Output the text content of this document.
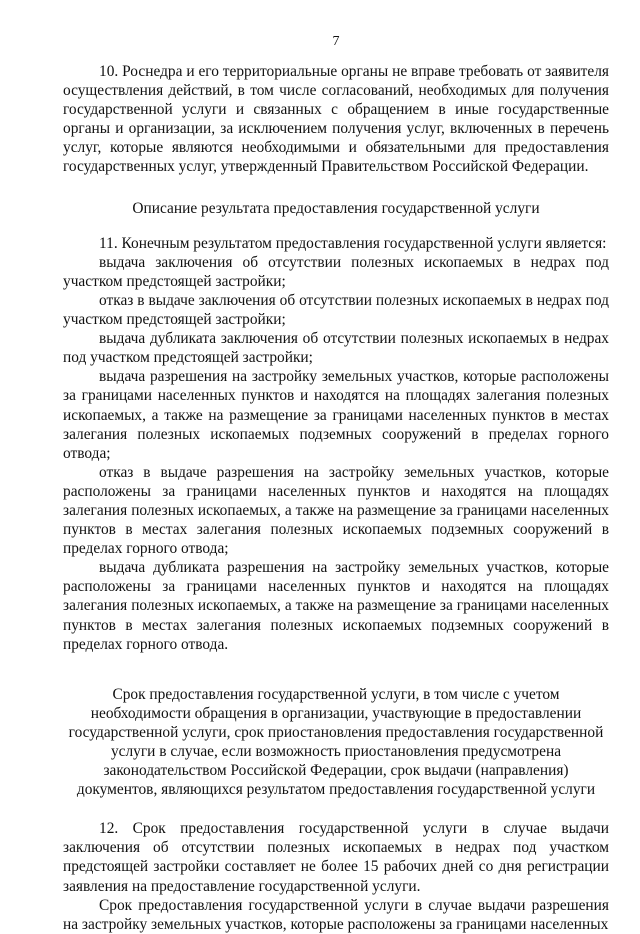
7

10. Роснедра и его территориальные органы не вправе требовать от заявителя осуществления действий, в том числе согласований, необходимых для получения государственной услуги и связанных с обращением в иные государственные органы и организации, за исключением получения услуг, включенных в перечень услуг, которые являются необходимыми и обязательными для предоставления государственных услуг, утвержденный Правительством Российской Федерации.

Описание результата предоставления государственной услуги

11. Конечным результатом предоставления государственной услуги является:

выдача заключения об отсутствии полезных ископаемых в недрах под участком предстоящей застройки;

отказ в выдаче заключения об отсутствии полезных ископаемых в недрах под участком предстоящей застройки;

выдача дубликата заключения об отсутствии полезных ископаемых в недрах под участком предстоящей застройки;

выдача разрешения на застройку земельных участков, которые расположены за границами населенных пунктов и находятся на площадях залегания полезных ископаемых, а также на размещение за границами населенных пунктов в местах залегания полезных ископаемых подземных сооружений в пределах горного отвода;

отказ в выдаче разрешения на застройку земельных участков, которые расположены за границами населенных пунктов и находятся на площадях залегания полезных ископаемых, а также на размещение за границами населенных пунктов в местах залегания полезных ископаемых подземных сооружений в пределах горного отвода;

выдача дубликата разрешения на застройку земельных участков, которые расположены за границами населенных пунктов и находятся на площадях залегания полезных ископаемых, а также на размещение за границами населенных пунктов в местах залегания полезных ископаемых подземных сооружений в пределах горного отвода.

Срок предоставления государственной услуги, в том числе с учетом необходимости обращения в организации, участвующие в предоставлении государственной услуги, срок приостановления предоставления государственной услуги в случае, если возможность приостановления предусмотрена законодательством Российской Федерации, срок выдачи (направления) документов, являющихся результатом предоставления государственной услуги

12. Срок предоставления государственной услуги в случае выдачи заключения об отсутствии полезных ископаемых в недрах под участком предстоящей застройки составляет не более 15 рабочих дней со дня регистрации заявления на предоставление государственной услуги.

Срок предоставления государственной услуги в случае выдачи разрешения на застройку земельных участков, которые расположены за границами населенных
